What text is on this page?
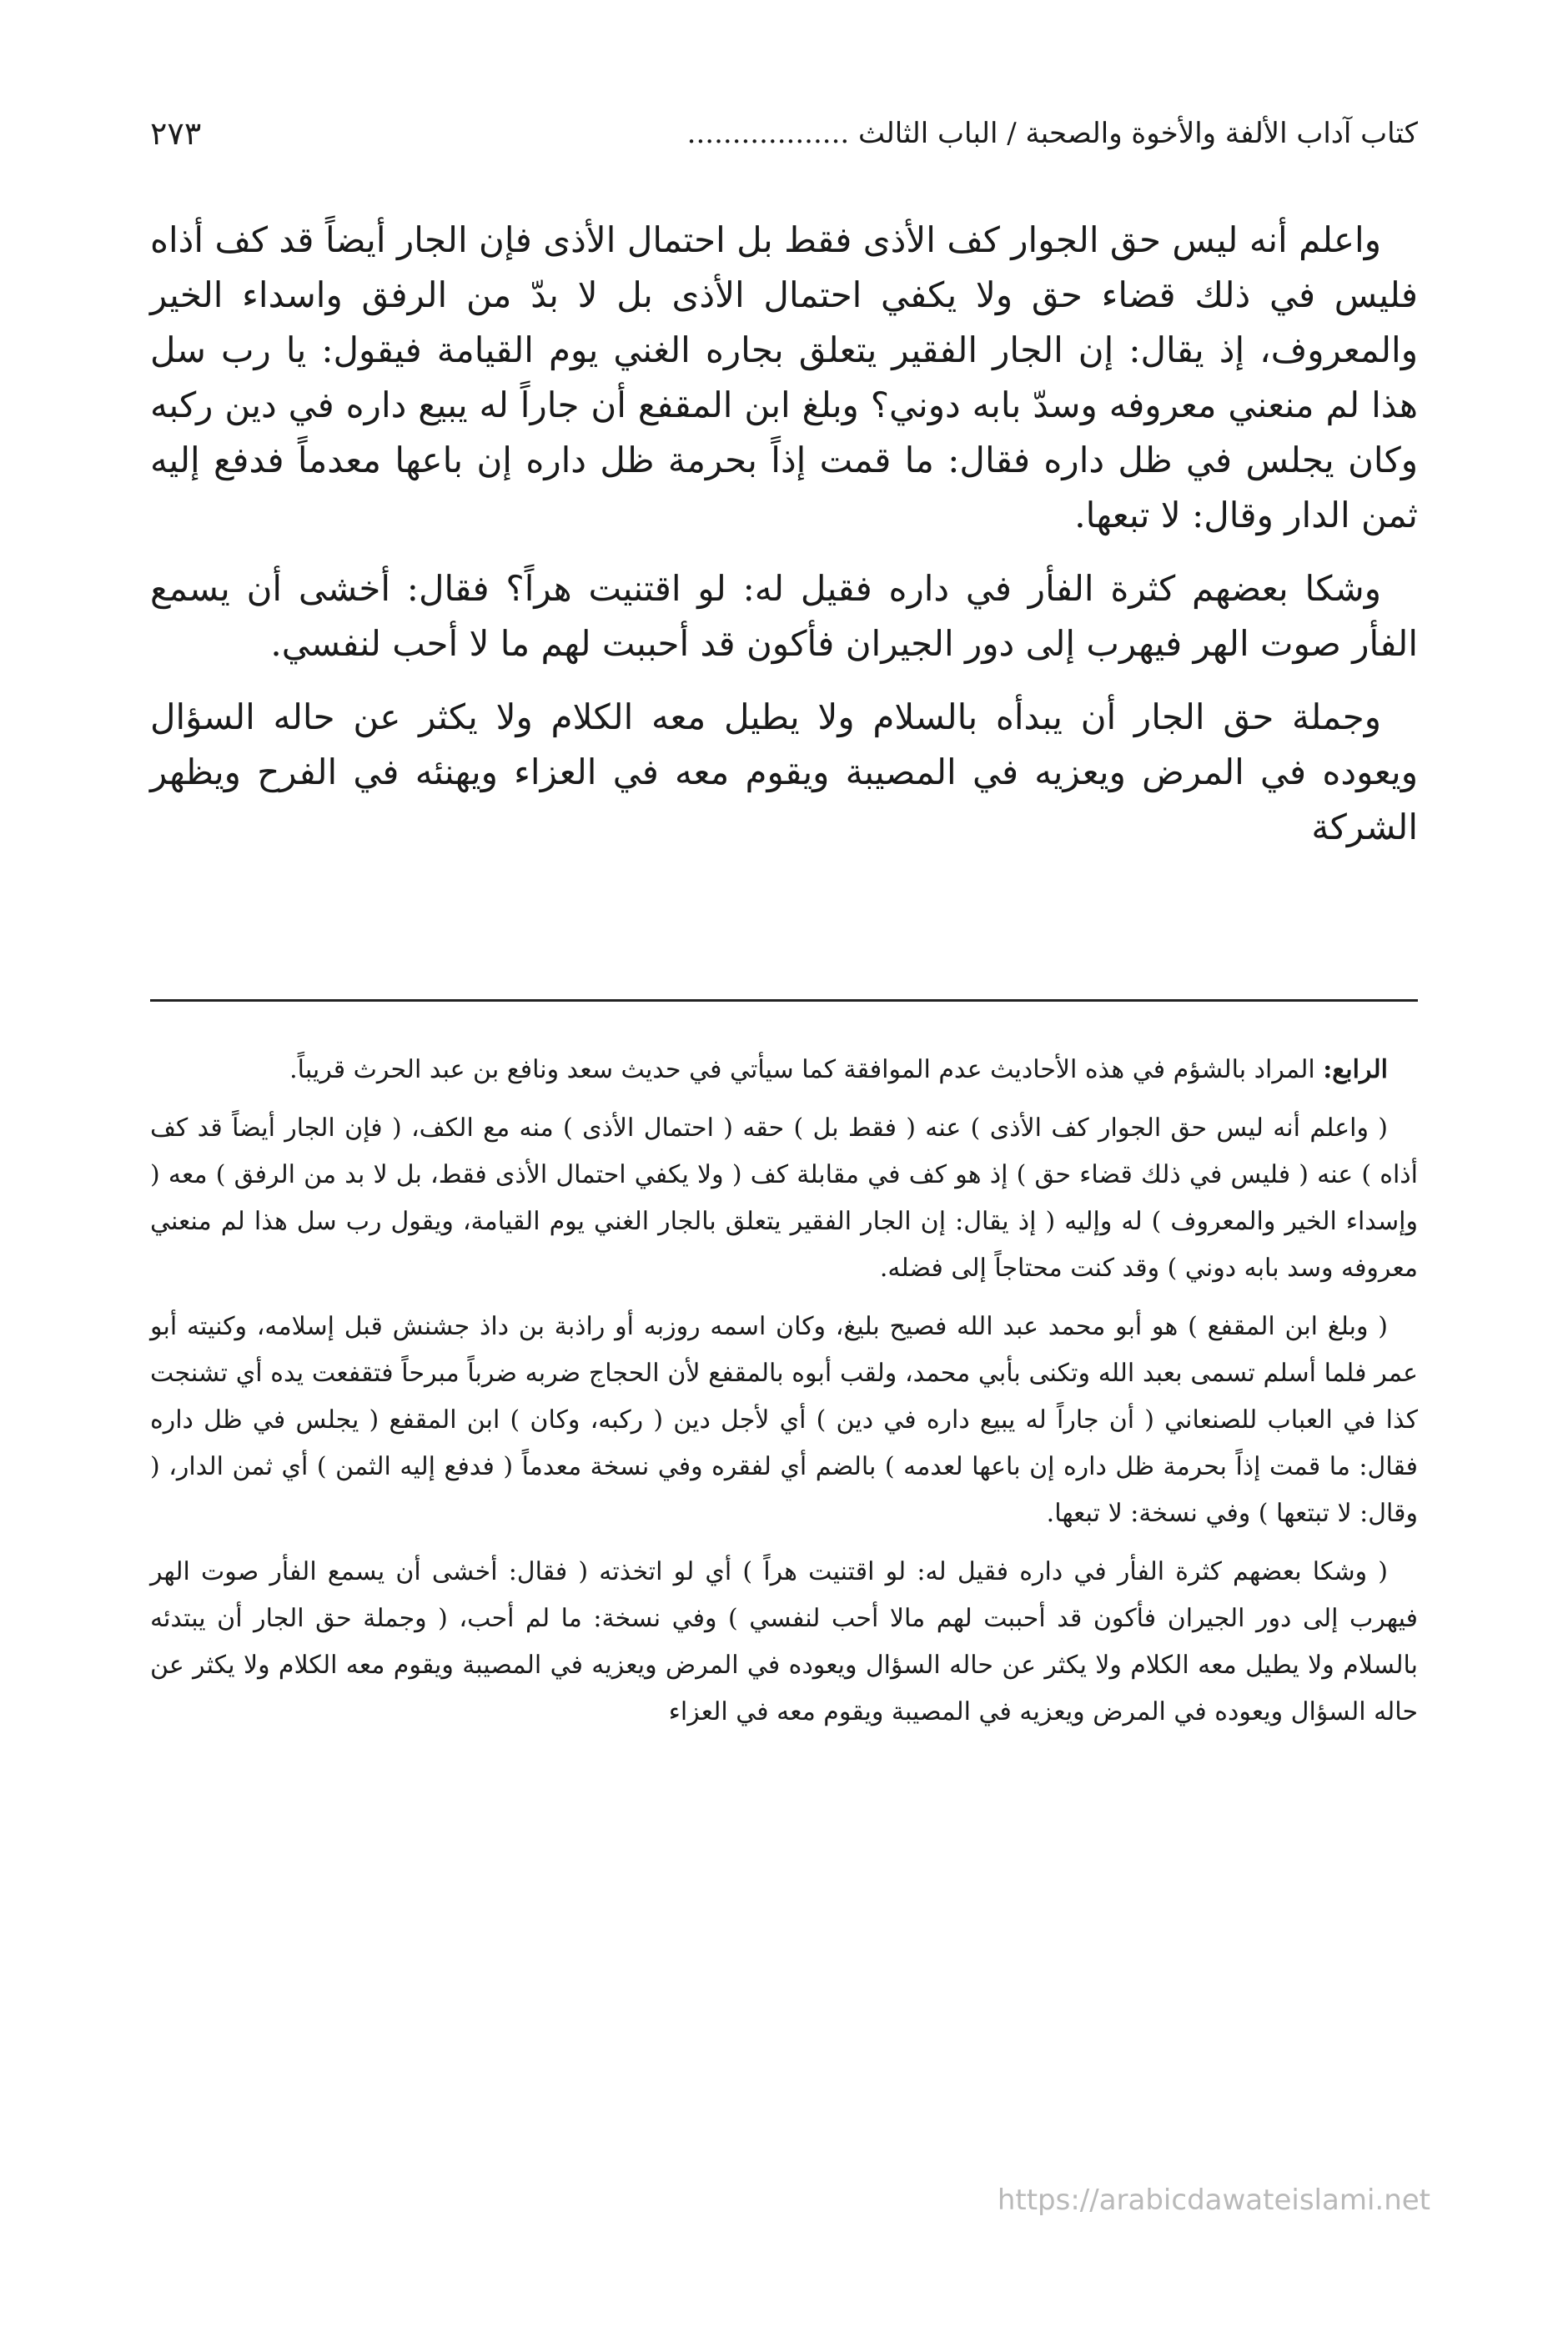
كتاب آداب الألفة والأخوة والصحبة / الباب الثالث ..................
٢٧٣

واعلم أنه ليس حق الجوار كف الأذى فقط بل احتمال الأذى فإن الجار أيضاً قد كف أذاه فليس في ذلك قضاء حق ولا يكفي احتمال الأذى بل لا بدّ من الرفق واسداء الخير والمعروف، إذ يقال: إن الجار الفقير يتعلق بجاره الغني يوم القيامة فيقول: يا رب سل هذا لم منعني معروفه وسدّ بابه دوني؟ وبلغ ابن المقفع أن جاراً له يبيع داره في دين ركبه وكان يجلس في ظل داره فقال: ما قمت إذاً بحرمة ظل داره إن باعها معدماً فدفع إليه ثمن الدار وقال: لا تبعها.

وشكا بعضهم كثرة الفأر في داره فقيل له: لو اقتنيت هراً؟ فقال: أخشى أن يسمع الفأر صوت الهر فيهرب إلى دور الجيران فأكون قد أحببت لهم ما لا أحب لنفسي.

وجملة حق الجار أن يبدأه بالسلام ولا يطيل معه الكلام ولا يكثر عن حاله السؤال ويعوده في المرض ويعزيه في المصيبة ويقوم معه في العزاء ويهنئه في الفرح ويظهر الشركة

الرابع: المراد بالشؤم في هذه الأحاديث عدم الموافقة كما سيأتي في حديث سعد ونافع بن عبد الحرث قريباً.

( واعلم أنه ليس حق الجوار كف الأذى ) عنه ( فقط بل ) حقه ( احتمال الأذى ) منه مع الكف، ( فإن الجار أيضاً قد كف أذاه ) عنه ( فليس في ذلك قضاء حق ) إذ هو كف في مقابلة كف ( ولا يكفي احتمال الأذى فقط، بل لا بد من الرفق ) معه ( وإسداء الخير والمعروف ) له وإليه ( إذ يقال: إن الجار الفقير يتعلق بالجار الغني يوم القيامة، ويقول رب سل هذا لم منعني معروفه وسد بابه دوني ) وقد كنت محتاجاً إلى فضله.

( وبلغ ابن المقفع ) هو أبو محمد عبد الله فصيح بليغ، وكان اسمه روزبه أو راذبة بن داذ جشنش قبل إسلامه، وكنيته أبو عمر فلما أسلم تسمى بعبد الله وتكنى بأبي محمد، ولقب أبوه بالمقفع لأن الحجاج ضربه ضرباً مبرحاً فتقفعت يده أي تشنجت كذا في العباب للصنعاني ( أن جاراً له يبيع داره في دين ) أي لأجل دين ( ركبه، وكان ) ابن المقفع ( يجلس في ظل داره فقال: ما قمت إذاً بحرمة ظل داره إن باعها لعدمه ) بالضم أي لفقره وفي نسخة معدماً ( فدفع إليه الثمن ) أي ثمن الدار، ( وقال: لا تبتعها ) وفي نسخة: لا تبعها.

( وشكا بعضهم كثرة الفأر في داره فقيل له: لو اقتنيت هراً ) أي لو اتخذته ( فقال: أخشى أن يسمع الفأر صوت الهر فيهرب إلى دور الجيران فأكون قد أحببت لهم مالا أحب لنفسي ) وفي نسخة: ما لم أحب، ( وجملة حق الجار أن يبتدئه بالسلام ولا يطيل معه الكلام ولا يكثر عن حاله السؤال ويعوده في المرض ويعزيه في المصيبة ويقوم معه الكلام ولا يكثر عن حاله السؤال ويعوده في المرض ويعزيه في المصيبة ويقوم معه في العزاء

https://arabicdawateislami.net
